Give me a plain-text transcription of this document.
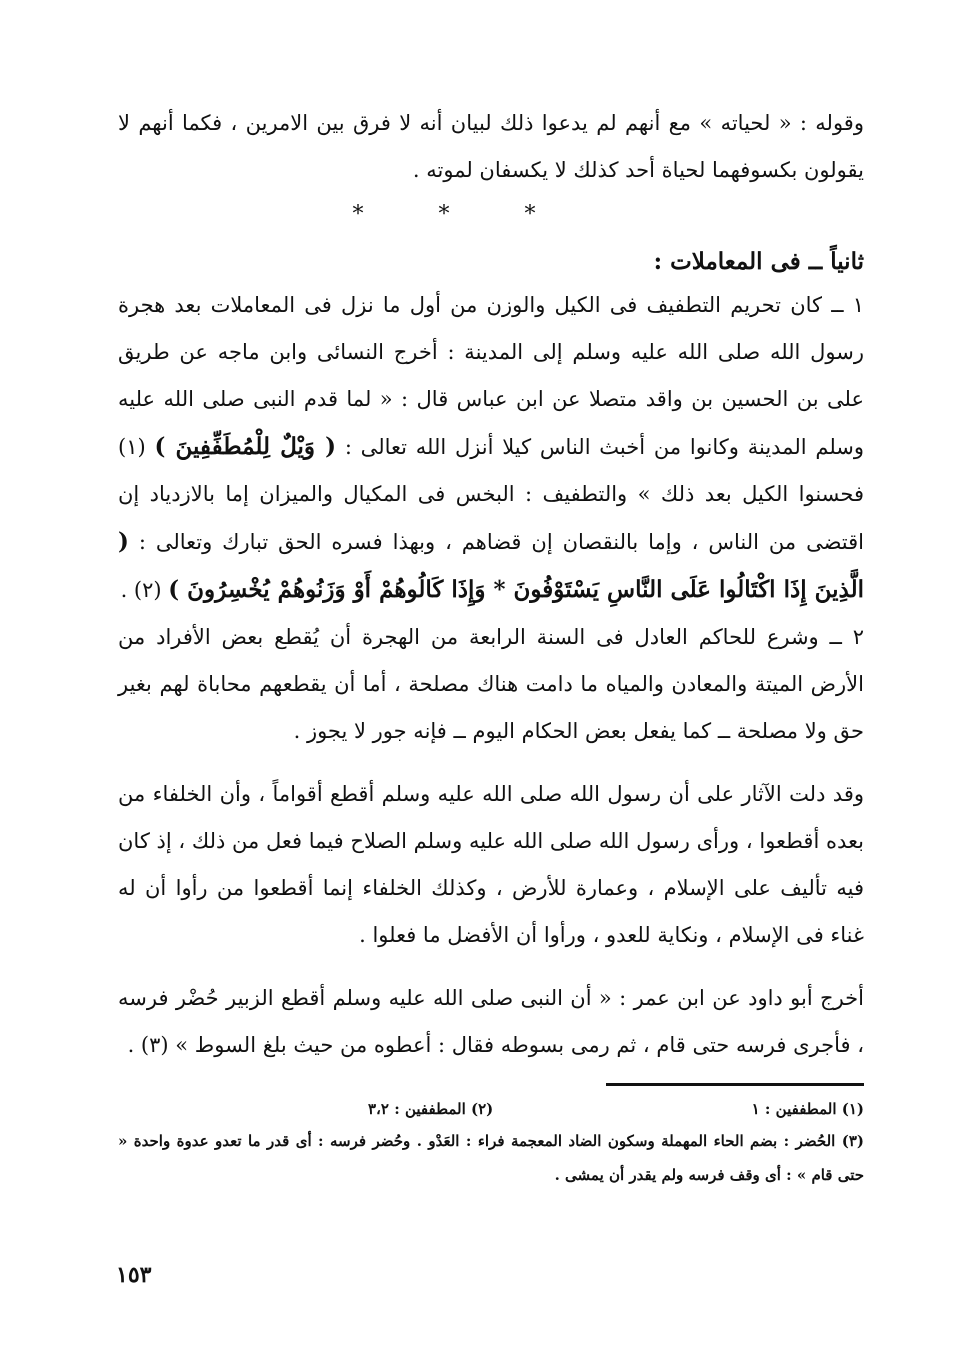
وقوله : « لحياته » مع أنهم لم يدعوا ذلك لبيان أنه لا فرق بين الامرين ، فكما أنهم لا يقولون بكسوفهما لحياة أحد كذلك لا يكسفان لموته .

* * *
ثانياً ــ فى المعاملات :

١ ــ كان تحريم التطفيف فى الكيل والوزن من أول ما نزل فى المعاملات بعد هجرة رسول الله صلى الله عليه وسلم إلى المدينة : أخرج النسائى وابن ماجه عن طريق على بن الحسين بن واقد متصلا عن ابن عباس قال : « لما قدم النبى صلى الله عليه وسلم المدينة وكانوا من أخبث الناس كيلا أنزل الله تعالى : ( وَيْلٌ لِلْمُطَفِّفِينَ ) (١) فحسنوا الكيل بعد ذلك » والتطفيف : البخس فى المكيال والميزان إما بالازدياد إن اقتضى من الناس ، وإما بالنقصان إن قضاهم ، وبهذا فسره الحق تبارك وتعالى : ( الَّذِينَ إِذَا اكْتَالُوا عَلَى النَّاسِ يَسْتَوْفُونَ * وَإِذَا كَالُوهُمْ أَوْ وَزَنُوهُمْ يُخْسِرُونَ ) (٢) .

٢ ــ وشرع للحاكم العادل فى السنة الرابعة من الهجرة أن يُقطع بعض الأفراد من الأرض الميتة والمعادن والمياه ما دامت هناك مصلحة ، أما أن يقطعهم محاباة لهم بغير حق ولا مصلحة ــ كما يفعل بعض الحكام اليوم ــ فإنه جور لا يجوز .

وقد دلت الآثار على أن رسول الله صلى الله عليه وسلم أقطع أقواماً ، وأن الخلفاء من بعده أقطعوا ، ورأى رسول الله صلى الله عليه وسلم الصلاح فيما فعل من ذلك ، إذ كان فيه تأليف على الإسلام ، وعمارة للأرض ، وكذلك الخلفاء إنما أقطعوا من رأوا أن له غناء فى الإسلام ، ونكاية للعدو ، ورأوا أن الأفضل ما فعلوا .

أخرج أبو داود عن ابن عمر : « أن النبى صلى الله عليه وسلم أقطع الزبير حُضْر فرسه ، فأجرى فرسه حتى قام ، ثم رمى بسوطه فقال : أعطوه من حيث بلغ السوط » (٣) .

(١) المطففين : ١
(٢) المطففين : ٣،٢

(٣) الحُضر : بضم الحاء المهملة وسكون الضاد المعجمة فراء : العَدْو . وحُضر فرسه : أى قدر ما تعدو عدوة واحدة « حتى قام » : أى وقف فرسه ولم يقدر أن يمشى .

١٥٣
